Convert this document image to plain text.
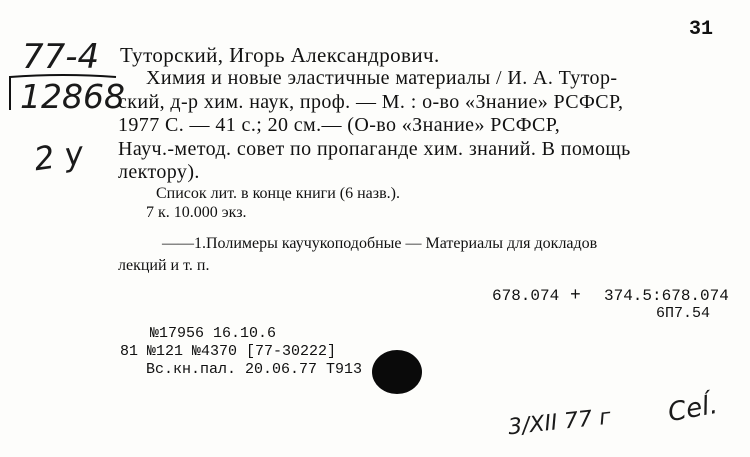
31
77-4
12868
2 у
Туторский, Игорь Александрович.
Химия и новые эластичные материалы / И. А. Тутор-
ский, д-р хим. наук, проф. — М. : о-во «Знание» РСФСР,
1977 С. — 41 с.; 20 см.— (О-во «Знание» РСФСР,
Науч.-метод. совет по пропаганде хим. знаний. В помощь
лектору).
Список лит. в конце книги (6 назв.).
7 к. 10.000 экз.
——1.Полимеры каучукоподобные — Материалы для докладов
лекций и т. п.
678.074 + 374.5:678.074
6П7.54
№17956 16.10.6
81 №121 №4370 [77-30222]
Вс.кн.пал. 20.06.77 Т913
3/XII 77 г Ceĺ.
